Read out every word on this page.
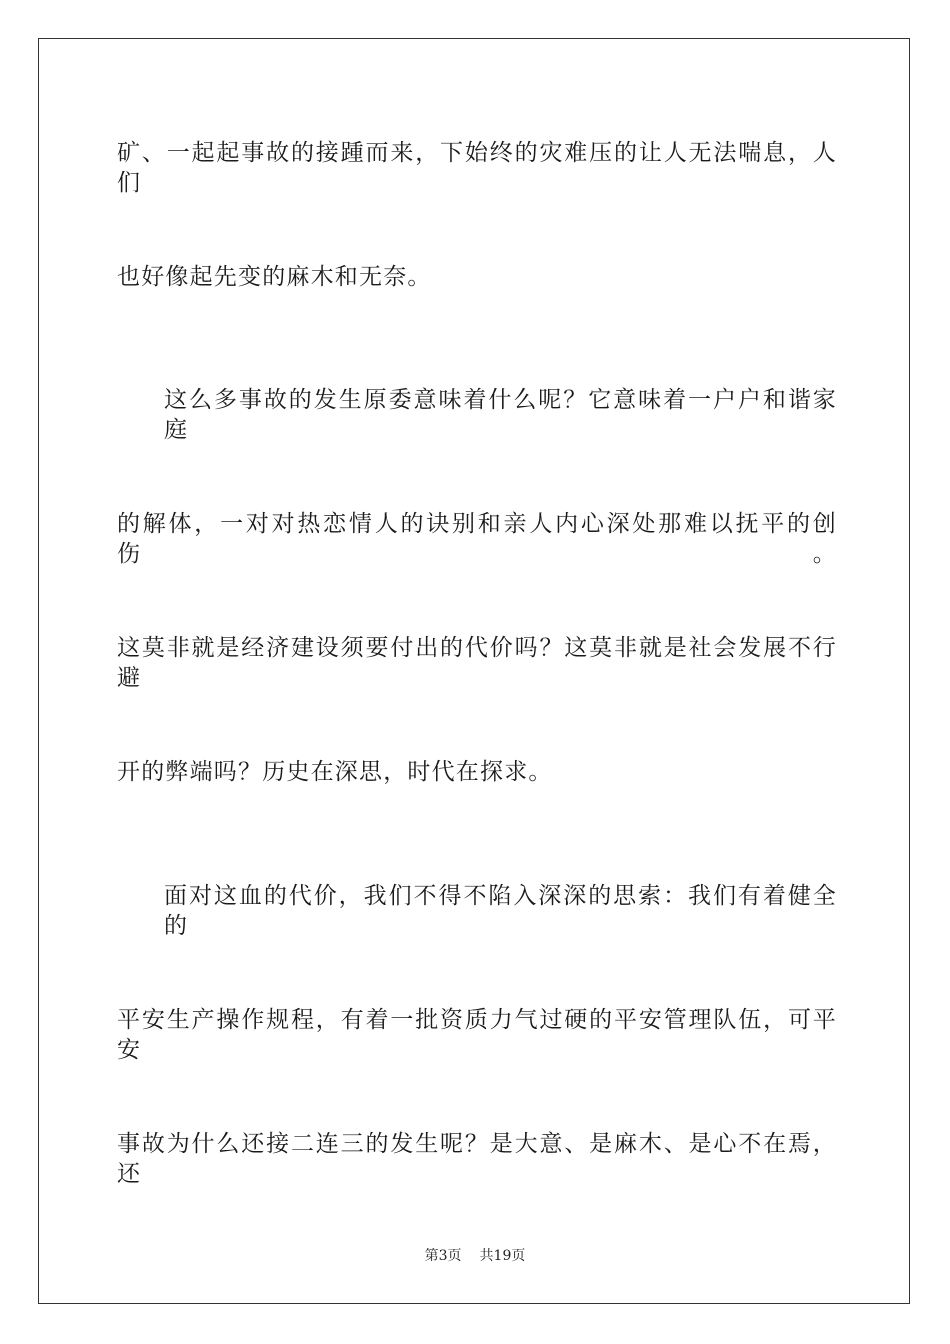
矿、一起起事故的接踵而来，下始终的灾难压的让人无法喘息，人们
也好像起先变的麻木和无奈。
这么多事故的发生原委意味着什么呢？它意味着一户户和谐家庭
的解体，一对对热恋情人的诀别和亲人内心深处那难以抚平的创伤。
这莫非就是经济建设须要付出的代价吗？这莫非就是社会发展不行避
开的弊端吗？历史在深思，时代在探求。
面对这血的代价，我们不得不陷入深深的思索：我们有着健全的
平安生产操作规程，有着一批资质力气过硬的平安管理队伍，可平安
事故为什么还接二连三的发生呢？是大意、是麻木、是心不在焉，还
第3页 共19页
